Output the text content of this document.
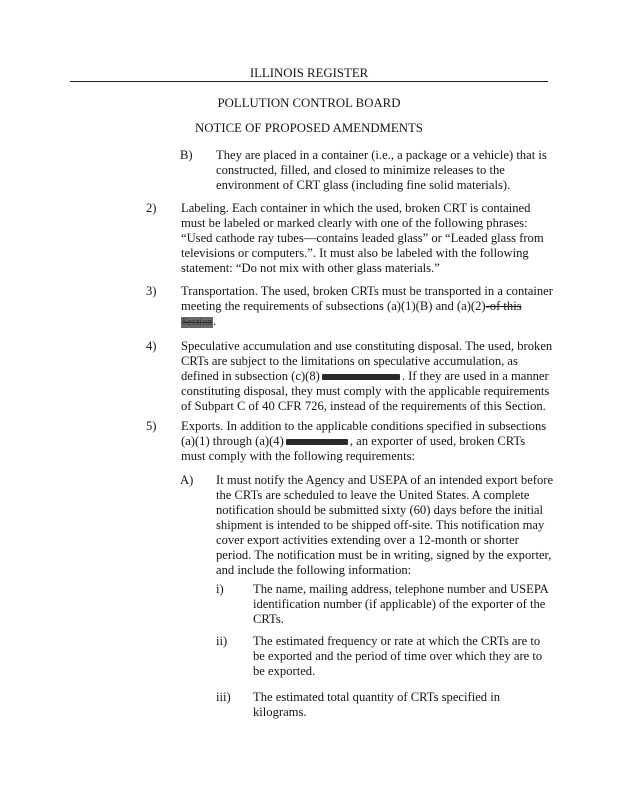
ILLINOIS REGISTER
POLLUTION CONTROL BOARD
NOTICE OF PROPOSED AMENDMENTS
B) They are placed in a container (i.e., a package or a vehicle) that is

constructed, filled, and closed to minimize releases to the

environment of CRT glass (including fine solid materials).

2) Labeling. Each container in which the used, broken CRT is contained

must be labeled or marked clearly with one of the following phrases:

“Used cathode ray tubes—contains leaded glass” or “Leaded glass from

televisions or computers.”. It must also be labeled with the following

statement: “Do not mix with other glass materials.”

3) Transportation. The used, broken CRTs must be transported in a container

meeting the requirements of subsections (a)(1)(B) and (a)(2)-of this

Section.

4) Speculative accumulation and use constituting disposal. The used, broken

CRTs are subject to the limitations on speculative accumulation, as

defined in subsection (c)(8)	. If they are used in a manner

constituting disposal, they must comply with the applicable requirements

of Subpart C of 40 CFR 726, instead of the requirements of this Section.

5) Exports. In addition to the applicable conditions specified in subsections

(a)(1) through (a)(4)	, an exporter of used, broken CRTs

must comply with the following requirements:

A) It must notify the Agency and USEPA of an intended export before

the CRTs are scheduled to leave the United States. A complete

notification should be submitted sixty (60) days before the initial

shipment is intended to be shipped off-site. This notification may

cover export activities extending over a 12-month or shorter

period. The notification must be in writing, signed by the exporter,

and include the following information:

i) The name, mailing address, telephone number and USEPA

identification number (if applicable) of the exporter of the

CRTs.

ii) The estimated frequency or rate at which the CRTs are to

be exported and the period of time over which they are to

be exported.

iii) The estimated total quantity of CRTs specified in

kilograms.
